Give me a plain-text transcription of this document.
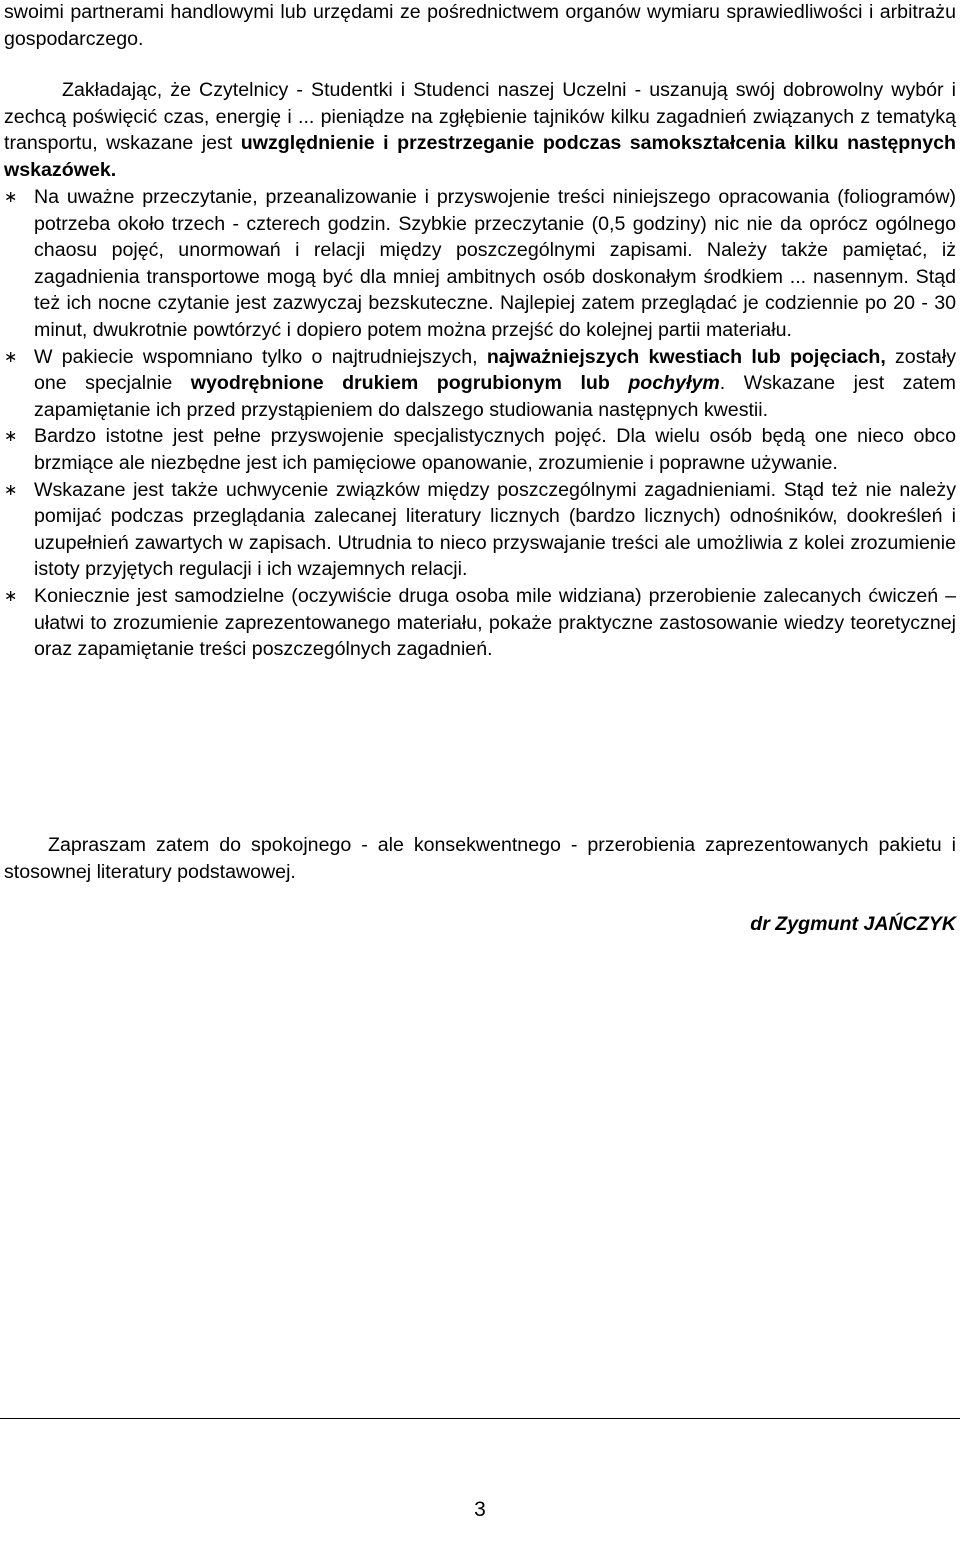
swoimi partnerami handlowymi lub urzędami ze pośrednictwem organów wymiaru sprawiedliwości i arbitrażu gospodarczego.

Zakładając, że Czytelnicy - Studentki i Studenci naszej Uczelni - uszanują swój dobrowolny wybór i zechcą poświęcić czas, energię i ... pieniądze na zgłębienie tajników kilku zagadnień związanych z tematyką transportu, wskazane jest uwzględnienie i przestrzeganie podczas samokształcenia kilku następnych wskazówek.

∗ Na uważne przeczytanie, przeanalizowanie i przyswojenie treści niniejszego opracowania (foliogramów) potrzeba około trzech - czterech godzin. Szybkie przeczytanie (0,5 godziny) nic nie da oprócz ogólnego chaosu pojęć, unormowań i relacji między poszczególnymi zapisami. Należy także pamiętać, iż zagadnienia transportowe mogą być dla mniej ambitnych osób doskonałym środkiem ... nasennym. Stąd też ich nocne czytanie jest zazwyczaj bezskuteczne. Najlepiej zatem przeglądać je codziennie po 20 - 30 minut, dwukrotnie powtórzyć i dopiero potem można przejść do kolejnej partii materiału.
∗ W pakiecie wspomniano tylko o najtrudniejszych, najważniejszych kwestiach lub pojęciach, zostały one specjalnie wyodrębnione drukiem pogrubionym lub pochyłym. Wskazane jest zatem zapamiętanie ich przed przystąpieniem do dalszego studiowania następnych kwestii.
∗ Bardzo istotne jest pełne przyswojenie specjalistycznych pojęć. Dla wielu osób będą one nieco obco brzmiące ale niezbędne jest ich pamięciowe opanowanie, zrozumienie i poprawne używanie.
∗ Wskazane jest także uchwycenie związków między poszczególnymi zagadnieniami. Stąd też nie należy pomijać podczas przeglądania zalecanej literatury licznych (bardzo licznych) odnośników, dookreśleń i uzupełnień zawartych w zapisach. Utrudnia to nieco przyswajanie treści ale umożliwia z kolei zrozumienie istoty przyjętych regulacji i ich wzajemnych relacji.
∗ Koniecznie jest samodzielne (oczywiście druga osoba mile widziana) przerobienie zalecanych ćwiczeń – ułatwi to zrozumienie zaprezentowanego materiału, pokaże praktyczne zastosowanie wiedzy teoretycznej oraz zapamiętanie treści poszczególnych zagadnień.

Zapraszam zatem do spokojnego - ale konsekwentnego - przerobienia zaprezentowanych pakietu i stosownej literatury podstawowej.

dr Zygmunt JAŃCZYK

3
